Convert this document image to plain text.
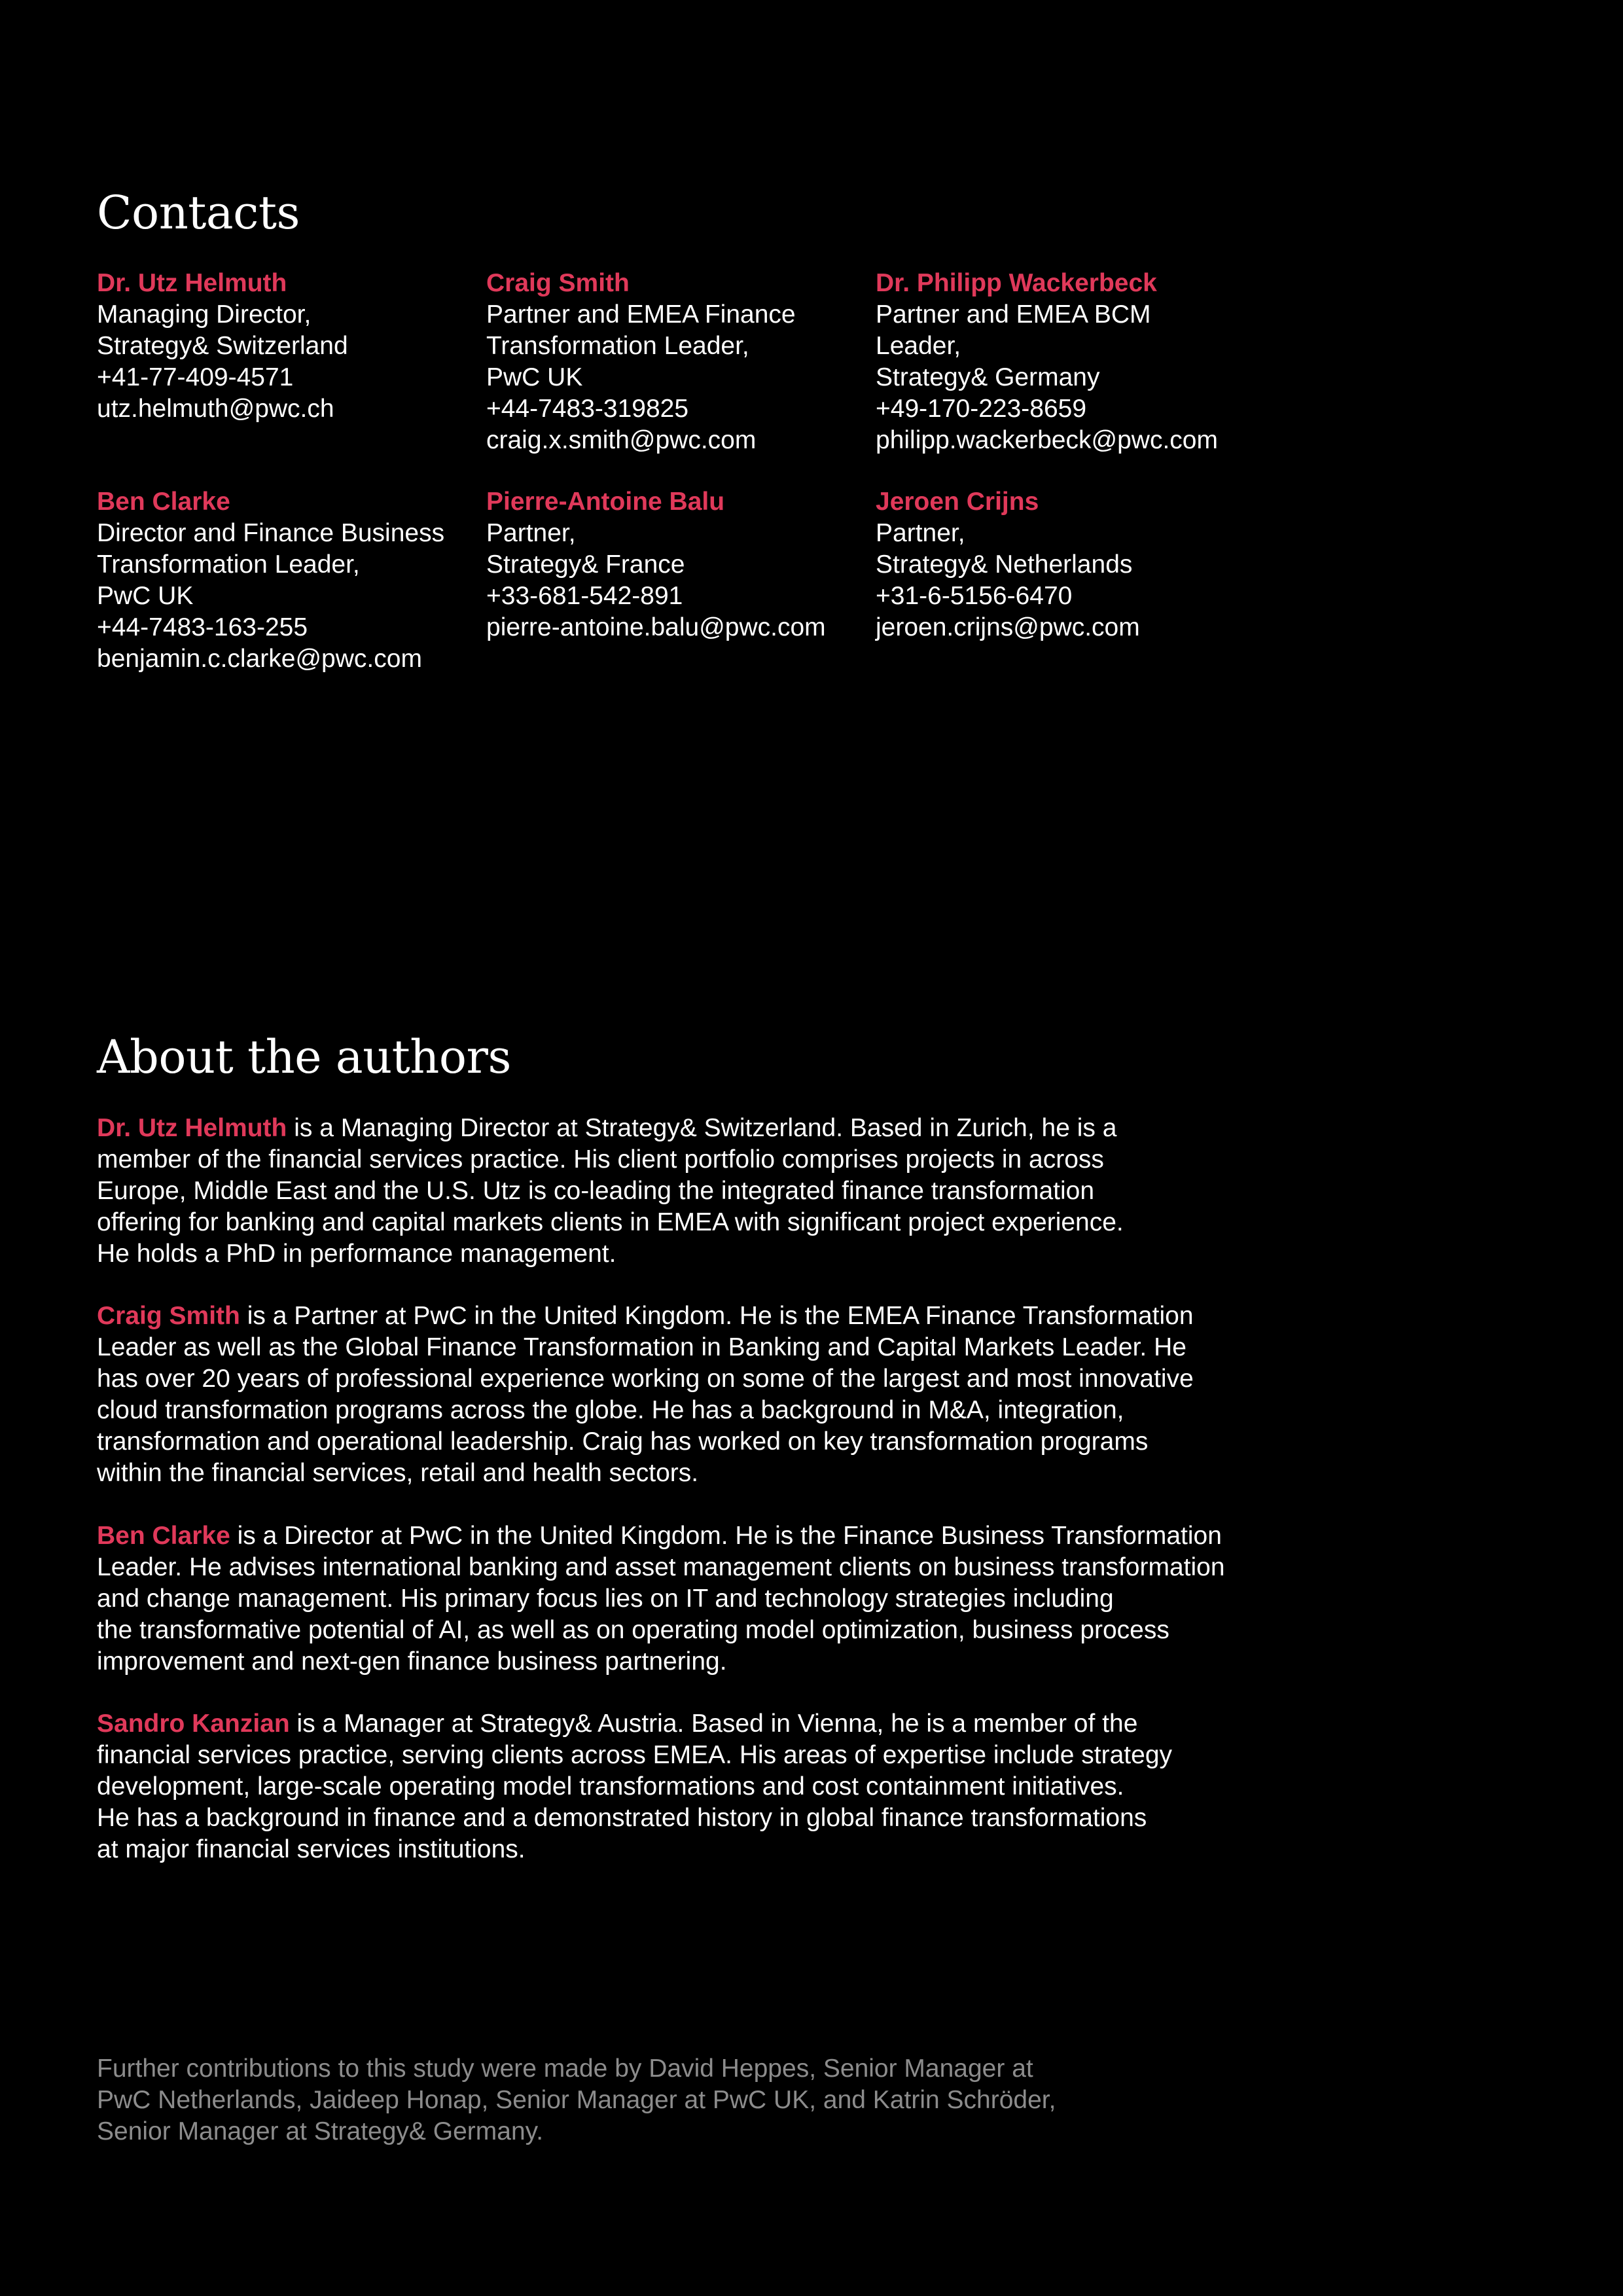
Contacts
Dr. Utz Helmuth
Managing Director,
Strategy& Switzerland
+41-77-409-4571
utz.helmuth@pwc.ch
Craig Smith
Partner and EMEA Finance
Transformation Leader,
PwC UK
+44-7483-319825
craig.x.smith@pwc.com
Dr. Philipp Wackerbeck
Partner and EMEA BCM
Leader,
Strategy& Germany
+49-170-223-8659
philipp.wackerbeck@pwc.com
Ben Clarke
Director and Finance Business
Transformation Leader,
PwC UK
+44-7483-163-255
benjamin.c.clarke@pwc.com
Pierre-Antoine Balu
Partner,
Strategy& France
+33-681-542-891
pierre-antoine.balu@pwc.com
Jeroen Crijns
Partner,
Strategy& Netherlands
+31-6-5156-6470
jeroen.crijns@pwc.com
About the authors
Dr. Utz Helmuth is a Managing Director at Strategy& Switzerland. Based in Zurich, he is a
member of the financial services practice. His client portfolio comprises projects in across
Europe, Middle East and the U.S. Utz is co-leading the integrated finance transformation
offering for banking and capital markets clients in EMEA with significant project experience.
He holds a PhD in performance management.
Craig Smith is a Partner at PwC in the United Kingdom. He is the EMEA Finance Transformation
Leader as well as the Global Finance Transformation in Banking and Capital Markets Leader. He
has over 20 years of professional experience working on some of the largest and most innovative
cloud transformation programs across the globe. He has a background in M&A, integration,
transformation and operational leadership. Craig has worked on key transformation programs
within the financial services, retail and health sectors.
Ben Clarke is a Director at PwC in the United Kingdom. He is the Finance Business Transformation
Leader. He advises international banking and asset management clients on business transformation
and change management. His primary focus lies on IT and technology strategies including
the transformative potential of AI, as well as on operating model optimization, business process
improvement and next-gen finance business partnering.
Sandro Kanzian is a Manager at Strategy& Austria. Based in Vienna, he is a member of the
financial services practice, serving clients across EMEA. His areas of expertise include strategy
development, large-scale operating model transformations and cost containment initiatives.
He has a background in finance and a demonstrated history in global finance transformations
at major financial services institutions.
Further contributions to this study were made by David Heppes, Senior Manager at
PwC Netherlands, Jaideep Honap, Senior Manager at PwC UK, and Katrin Schröder,
Senior Manager at Strategy& Germany.
